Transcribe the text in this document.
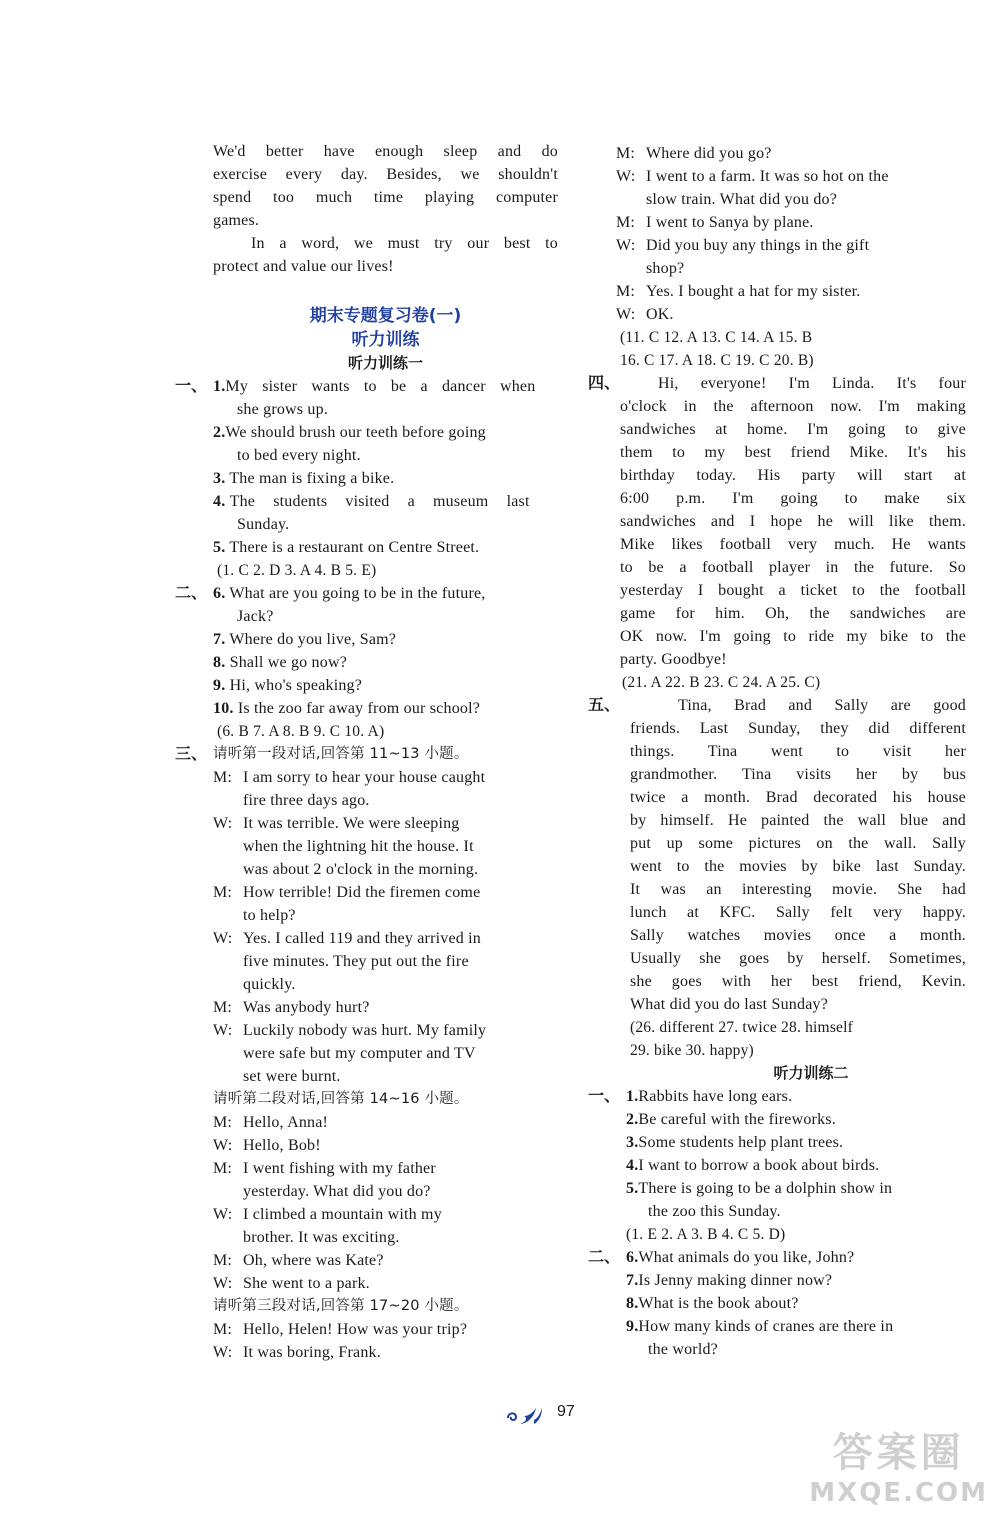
We'd better have enough sleep and do
exercise every day. Besides, we shouldn't
spend too much time playing computer
games.
In a word, we must try our best to
protect and value our lives!
期末专题复习卷(一)
听力训练
听力训练一
一、 1.My sister wants to be a dancer when
she grows up.
2.We should brush our teeth before going
to bed every night.
3. The man is fixing a bike.
4. The students visited a museum last
Sunday.
5. There is a restaurant on Centre Street.
(1. C 2. D 3. A 4. B 5. E)
二、 6. What are you going to be in the future,
Jack?
7. Where do you live, Sam?
8. Shall we go now?
9. Hi, who's speaking?
10. Is the zoo far away from our school?
(6. B 7. A 8. B 9. C 10. A)
三、 请听第一段对话,回答第 11~13 小题。
M: I am sorry to hear your house caught
fire three days ago.
W: It was terrible. We were sleeping
when the lightning hit the house. It
was about 2 o'clock in the morning.
M: How terrible! Did the firemen come
to help?
W: Yes. I called 119 and they arrived in
five minutes. They put out the fire
quickly.
M: Was anybody hurt?
W: Luckily nobody was hurt. My family
were safe but my computer and TV
set were burnt.
请听第二段对话,回答第 14~16 小题。
M: Hello, Anna!
W: Hello, Bob!
M: I went fishing with my father
yesterday. What did you do?
W: I climbed a mountain with my
brother. It was exciting.
M: Oh, where was Kate?
W: She went to a park.
请听第三段对话,回答第 17~20 小题。
M: Hello, Helen! How was your trip?
W: It was boring, Frank.
M: Where did you go?
W: I went to a farm. It was so hot on the
slow train. What did you do?
M: I went to Sanya by plane.
W: Did you buy any things in the gift
shop?
M: Yes. I bought a hat for my sister.
W: OK.
(11. C 12. A 13. C 14. A 15. B
16. C 17. A 18. C 19. C 20. B)
四、	Hi, everyone! I'm Linda. It's four
o'clock in the afternoon now. I'm making
sandwiches at home. I'm going to give
them to my best friend Mike. It's his
birthday today. His party will start at
6:00 p.m. I'm going to make six
sandwiches and I hope he will like them.
Mike likes football very much. He wants
to be a football player in the future. So
yesterday I bought a ticket to the football
game for him. Oh, the sandwiches are
OK now. I'm going to ride my bike to the
party. Goodbye!
(21. A 22. B 23. C 24. A 25. C)
五、	Tina, Brad and Sally are good
friends. Last Sunday, they did different
things. Tina went to visit her
grandmother. Tina visits her by bus
twice a month. Brad decorated his house
by himself. He painted the wall blue and
put up some pictures on the wall. Sally
went to the movies by bike last Sunday.
It was an interesting movie. She had
lunch at KFC. Sally felt very happy.
Sally watches movies once a month.
Usually she goes by herself. Sometimes,
she goes with her best friend, Kevin.
What did you do last Sunday?
(26. different 27. twice 28. himself
29. bike 30. happy)
听力训练二
一、 1.Rabbits have long ears.
2.Be careful with the fireworks.
3.Some students help plant trees.
4.I want to borrow a book about birds.
5.There is going to be a dolphin show in
the zoo this Sunday.
(1. E 2. A 3. B 4. C 5. D)
二、 6.What animals do you like, John?
7.Is Jenny making dinner now?
8.What is the book about?
9.How many kinds of cranes are there in
the world?
97
答案圈
MXQE.COM
